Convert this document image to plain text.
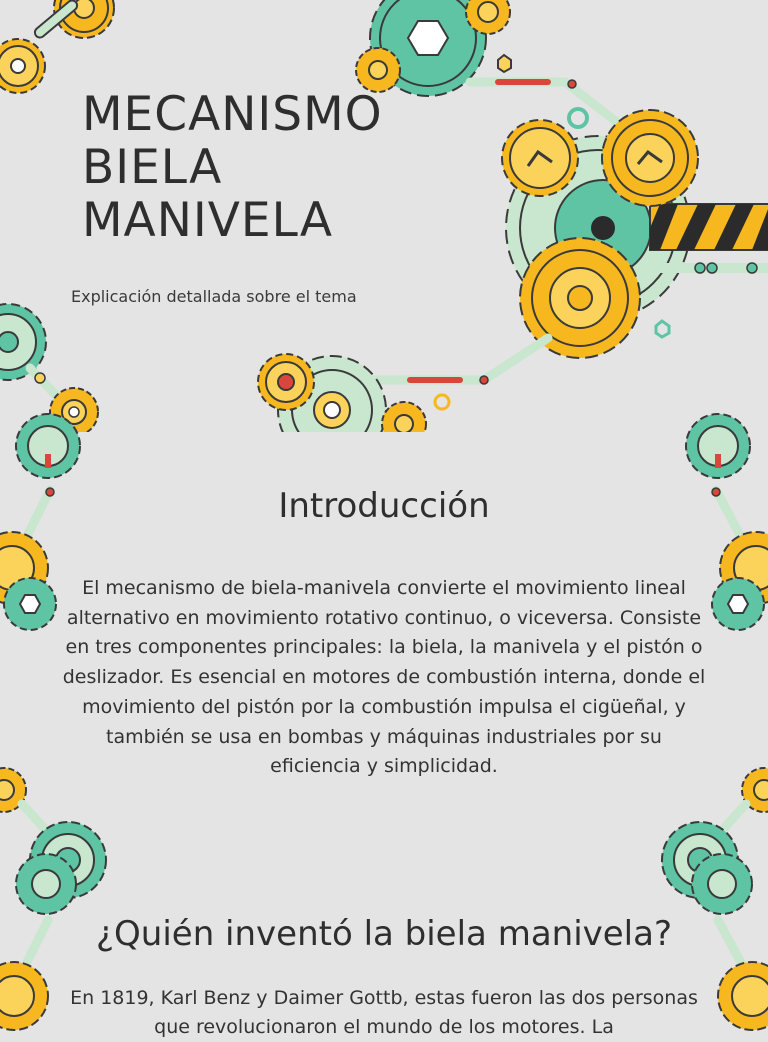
MECANISMO
BIELA
MANIVELA

Explicación detallada sobre el tema

Introducción

El mecanismo de biela-manivela convierte el movimiento lineal alternativo en movimiento rotativo continuo, o viceversa. Consiste en tres componentes principales: la biela, la manivela y el pistón o deslizador. Es esencial en motores de combustión interna, donde el movimiento del pistón por la combustión impulsa el cigüeñal, y también se usa en bombas y máquinas industriales por su eficiencia y simplicidad.

¿Quién inventó la biela manivela?

En 1819, Karl Benz y Daimer Gottb, estas fueron las dos personas que revolucionaron el mundo de los motores. La
